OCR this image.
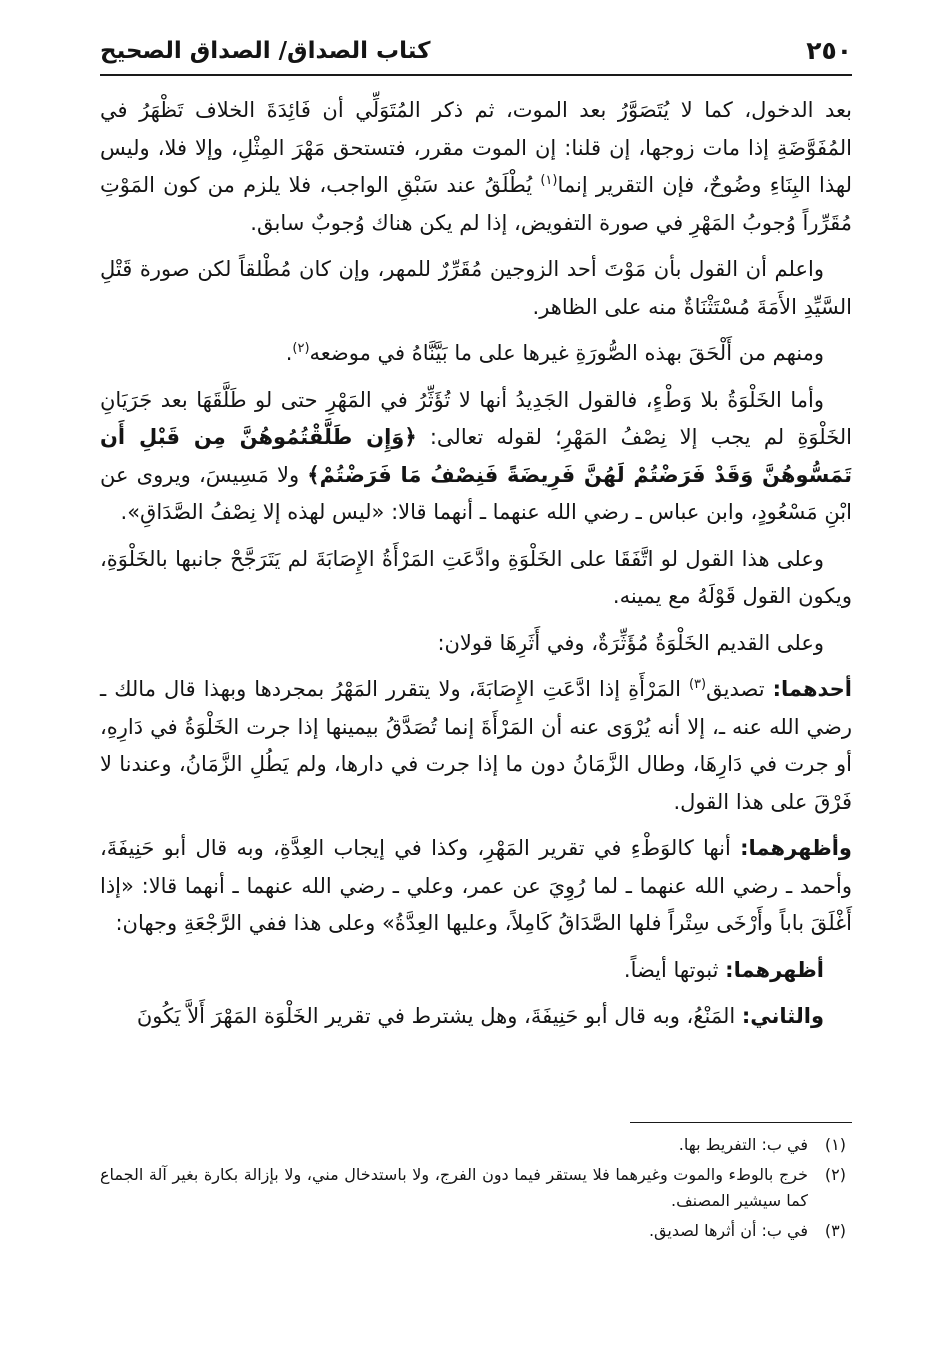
٢٥٠
كتاب الصداق/ الصداق الصحيح

بعد الدخول، كما لا يُتَصَوَّرُ بعد الموت، ثم ذكر المُتَوَلِّي أن فَائِدَةَ الخلاف تَظْهَرُ في المُفَوَّضَةِ إذا مات زوجها، إن قلنا: إن الموت مقرر، فتستحق مَهْرَ المِثْلِ، وإلا فلا، وليس لهذا البِنَاءِ وضُوحٌ، فإن التقرير إنما$^{(١)}$ يُطْلَقُ عند سَبْقِ الواجب، فلا يلزم من كون المَوْتِ مُقَرِّراً وُجوبُ المَهْرِ في صورة التفويض، إذا لم يكن هناك وُجوبٌ سابق.

واعلم أن القول بأن مَوْتَ أحد الزوجين مُقَرِّرٌ للمهر، وإن كان مُطْلقاً لكن صورة قَتْلِ السَّيِّدِ الأَمَةَ مُسْتَثْنَاةٌ منه على الظاهر.

ومنهم من أَلْحَقَ بهذه الصُّورَةِ غيرها على ما بَيَّنَّاهُ في موضعه$^{(٢)}$.

وأما الخَلْوَةُ بلا وَطْءٍ، فالقول الجَدِيدُ أنها لا تُؤَثِّرُ في المَهْرِ حتى لو طَلَّقَهَا بعد جَرَيَانِ الخَلْوَةِ لم يجب إلا نِصْفُ المَهْرِ؛ لقوله تعالى: ﴿وَإِن طَلَّقْتُمُوهُنَّ مِن قَبْلِ أَن تَمَسُّوهُنَّ وَقَدْ فَرَضْتُمْ لَهُنَّ فَرِيضَةً فَنِصْفُ مَا فَرَضْتُمْ﴾ ولا مَسِيسَ، ويروى عن ابْنِ مَسْعُودٍ، وابن عباس ـ رضي الله عنهما ـ أنهما قالا: «ليس لهذه إلا نِصْفُ الصَّدَاقِ».

وعلى هذا القول لو اتَّفَقَا على الخَلْوَةِ وادَّعَتِ المَرْأَةُ الإِصَابَةَ لم يَتَرَجَّحْ جانبها بالخَلْوَةِ، ويكون القول قَوْلَهُ مع يمينه.

وعلى القديم الخَلْوَةُ مُؤَثِّرَةٌ، وفي أَثَرِهَا قولان:

أحدهما: تصديق$^{(٣)}$ المَرْأَةِ إذا ادَّعَتِ الإِصَابَةَ، ولا يتقرر المَهْرُ بمجردها وبهذا قال مالك ـ رضي الله عنه ـ، إلا أنه يُرْوَى عنه أن المَرْأَةَ إنما تُصَدَّقُ بيمينها إذا جرت الخَلْوَةُ في دَارِهِ، أو جرت في دَارِهَا، وطال الزَّمَانُ دون ما إذا جرت في دارها، ولم يَطُلِ الزَّمَانُ، وعندنا لا فَرْقَ على هذا القول.

وأظهرهما: أنها كالوَطْءِ في تقرير المَهْرِ، وكذا في إيجاب العِدَّةِ، وبه قال أبو حَنِيفَةَ، وأحمد ـ رضي الله عنهما ـ لما رُوِيَ عن عمر، وعلي ـ رضي الله عنهما ـ أنهما قالا: «إذا أَغْلَقَ باباً وأَرْخَى سِتْراً فلها الصَّدَاقُ كَامِلاً، وعليها العِدَّةُ» وعلى هذا ففي الرَّجْعَةِ وجهان:

أظهرهما: ثبوتها أيضاً.

والثاني: المَنْعُ، وبه قال أبو حَنِيفَةَ، وهل يشترط في تقرير الخَلْوَة المَهْرَ أَلاَّ يَكُونَ

(١)
في ب: التفريط بها.
(٢)
خرج بالوطء والموت وغيرهما فلا يستقر فيما دون الفرج، ولا باستدخال مني، ولا بإزالة بكارة بغير آلة الجماع كما سيشير المصنف.
(٣)
في ب: أن أثرها لصديق.
